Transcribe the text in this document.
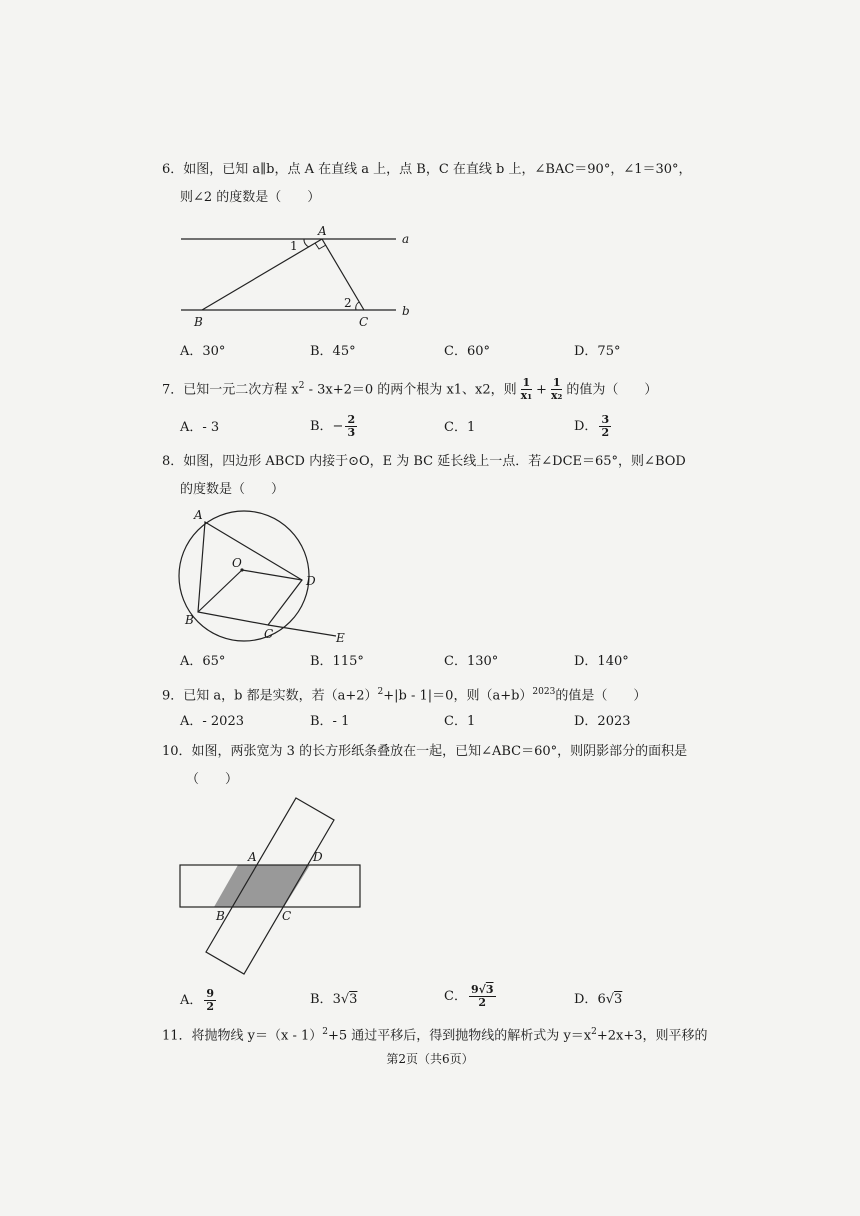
6．如图，已知 a∥b，点 A 在直线 a 上，点 B，C 在直线 b 上，∠BAC＝90°，∠1＝30°，
则∠2 的度数是（　　）
A
a
b
B	C
1
2
A．30°	B．45°	C．60°	D．75°
7．已知一元二次方程 $x^2 - 3x+2=0$ 的两个根为 x1、x2，则 $\frac{1}{\text{x₁}} + \frac{1}{\text{x₂}}$ 的值为（　　）
A．- 3	B．− $\frac{2}{3}$	C．1	D． $\frac{3}{2}$
8．如图，四边形 ABCD 内接于⊙O，E 为 BC 延长线上一点．若∠DCE＝65°，则∠BOD
的度数是（　　）
A
O
D
B
C	E
A．65°	B．115°	C．130°	D．140°
9．已知 a，b 都是实数，若$(a+2)^2+|b - 1|=0$，则$(a+b)^{2023}$的值是（　　）
A．- 2023	B．- 1	C．1	D．2023
10．如图，两张宽为 3 的长方形纸条叠放在一起，已知∠ABC＝60°，则阴影部分的面积是
（　　）
A	D
B	C
A． $\frac{9}{2}$	B．3√3	C． $\frac{9√3}{2}$	D．6√3
11．将抛物线 y＝（x - 1）$^2$+5 通过平移后，得到抛物线的解析式为 $y=x^2+2x+3$，则平移的
第2页（共6页）
